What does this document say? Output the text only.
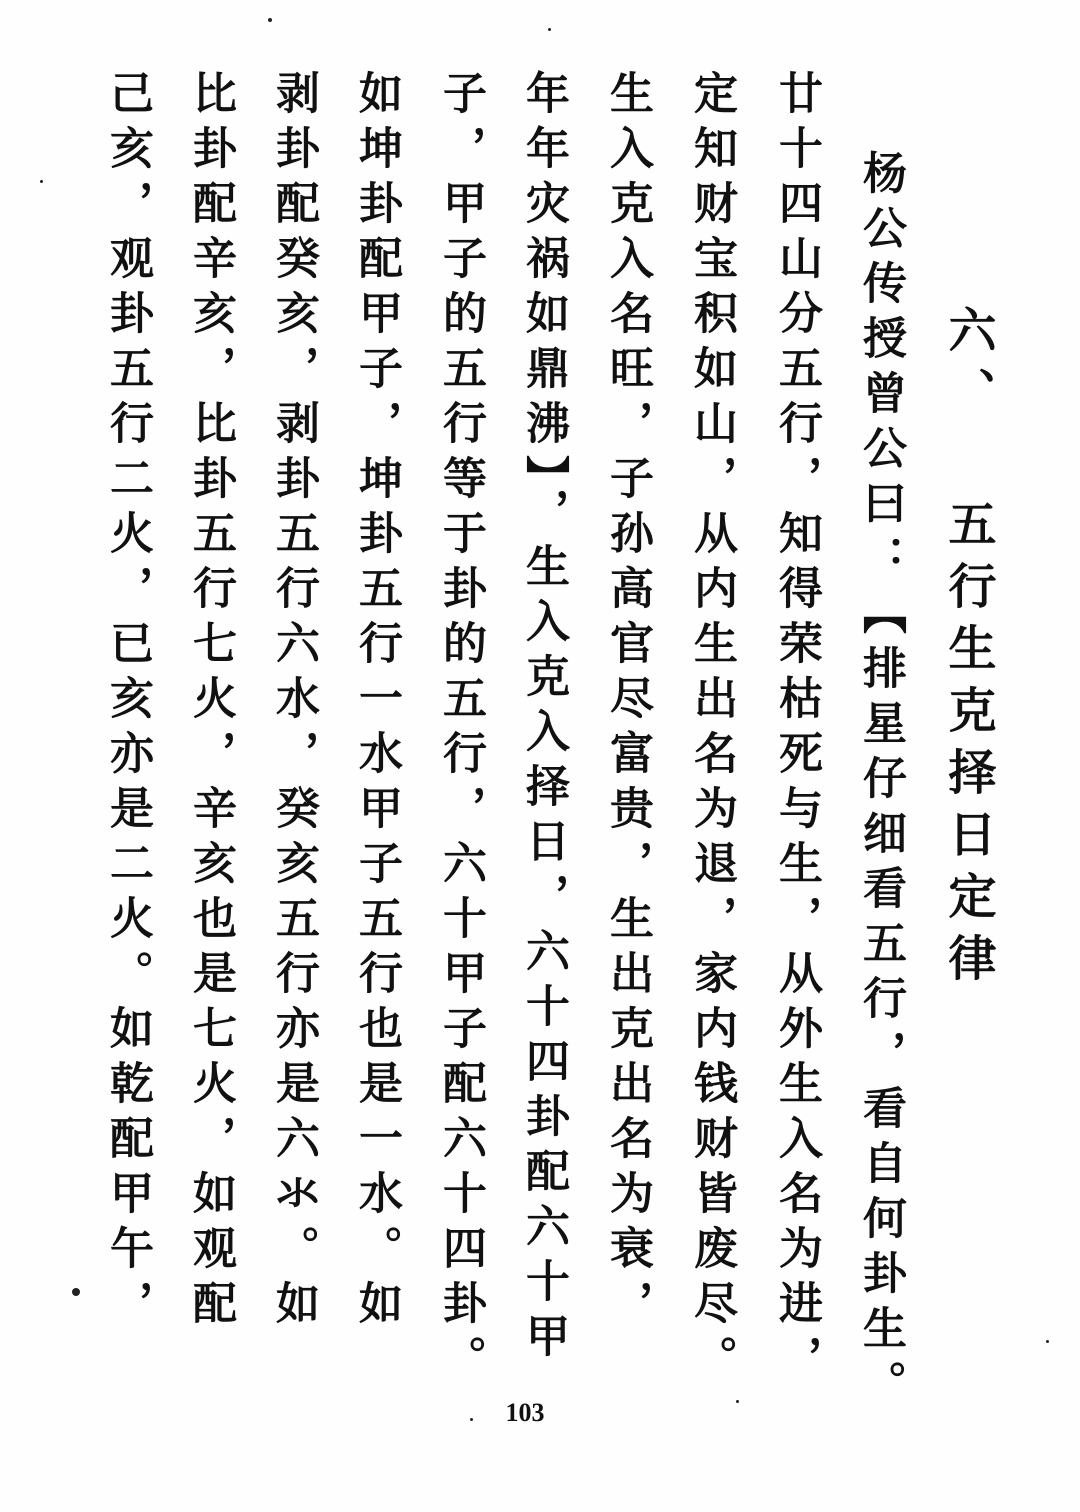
六、 五行生克择日定律
杨公传授曾公曰：【排星仔细看五行，看自何卦生。
廿十四山分五行，知得荣枯死与生，从外生入名为进，
定知财宝积如山，从内生出名为退，家内钱财皆废尽。
生入克入名旺，子孙高官尽富贵，生出克出名为衰，
年年灾祸如鼎沸】，生入克入择日，六十四卦配六十甲
子，甲子的五行等于卦的五行，六十甲子配六十四卦。
如坤卦配甲子，坤卦五行一水甲子五行也是一水。如
剥卦配癸亥，剥卦五行六水，癸亥五行亦是六氺。如
比卦配辛亥，比卦五行七火，辛亥也是七火，如观配
己亥，观卦五行二火，已亥亦是二火。如乾配甲午，
103
